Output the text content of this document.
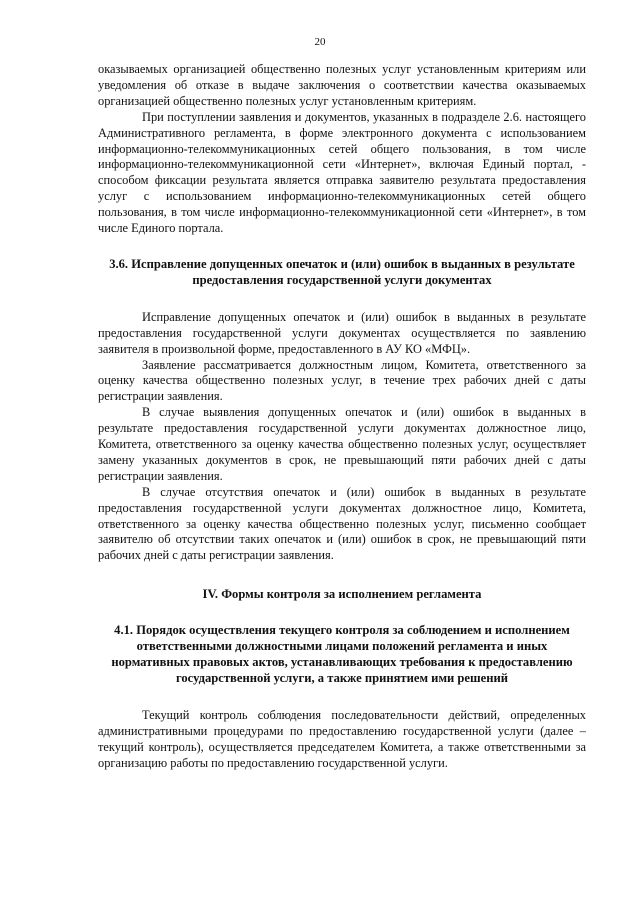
20

оказываемых организацией общественно полезных услуг установленным критериям или уведомления об отказе в выдаче заключения о соответствии качества оказываемых организацией общественно полезных услуг установленным критериям.

При поступлении заявления и документов, указанных в подразделе 2.6. настоящего Административного регламента, в форме электронного документа с использованием информационно-телекоммуникационных сетей общего пользования, в том числе информационно-телекоммуникационной сети «Интернет», включая Единый портал, - способом фиксации результата является отправка заявителю результата предоставления услуг с использованием информационно-телекоммуникационных сетей общего пользования, в том числе информационно-телекоммуникационной сети «Интернет», в том числе Единого портала.

3.6. Исправление допущенных опечаток и (или) ошибок в выданных в результате предоставления государственной услуги документах

Исправление допущенных опечаток и (или) ошибок в выданных в результате предоставления государственной услуги документах осуществляется по заявлению заявителя в произвольной форме, предоставленного в АУ КО «МФЦ».

Заявление рассматривается должностным лицом, Комитета, ответственного за оценку качества общественно полезных услуг, в течение трех рабочих дней с даты регистрации заявления.

В случае выявления допущенных опечаток и (или) ошибок в выданных в результате предоставления государственной услуги документах должностное лицо, Комитета, ответственного за оценку качества общественно полезных услуг, осуществляет замену указанных документов в срок, не превышающий пяти рабочих дней с даты регистрации заявления.

В случае отсутствия опечаток и (или) ошибок в выданных в результате предоставления государственной услуги документах должностное лицо, Комитета, ответственного за оценку качества общественно полезных услуг, письменно сообщает заявителю об отсутствии таких опечаток и (или) ошибок в срок, не превышающий пяти рабочих дней с даты регистрации заявления.

IV. Формы контроля за исполнением регламента
4.1. Порядок осуществления текущего контроля за соблюдением и исполнением ответственными должностными лицами положений регламента и иных нормативных правовых актов, устанавливающих требования к предоставлению государственной услуги, а также принятием ими решений

Текущий контроль соблюдения последовательности действий, определенных административными процедурами по предоставлению государственной услуги (далее – текущий контроль), осуществляется председателем Комитета, а также ответственными за организацию работы по предоставлению государственной услуги.
